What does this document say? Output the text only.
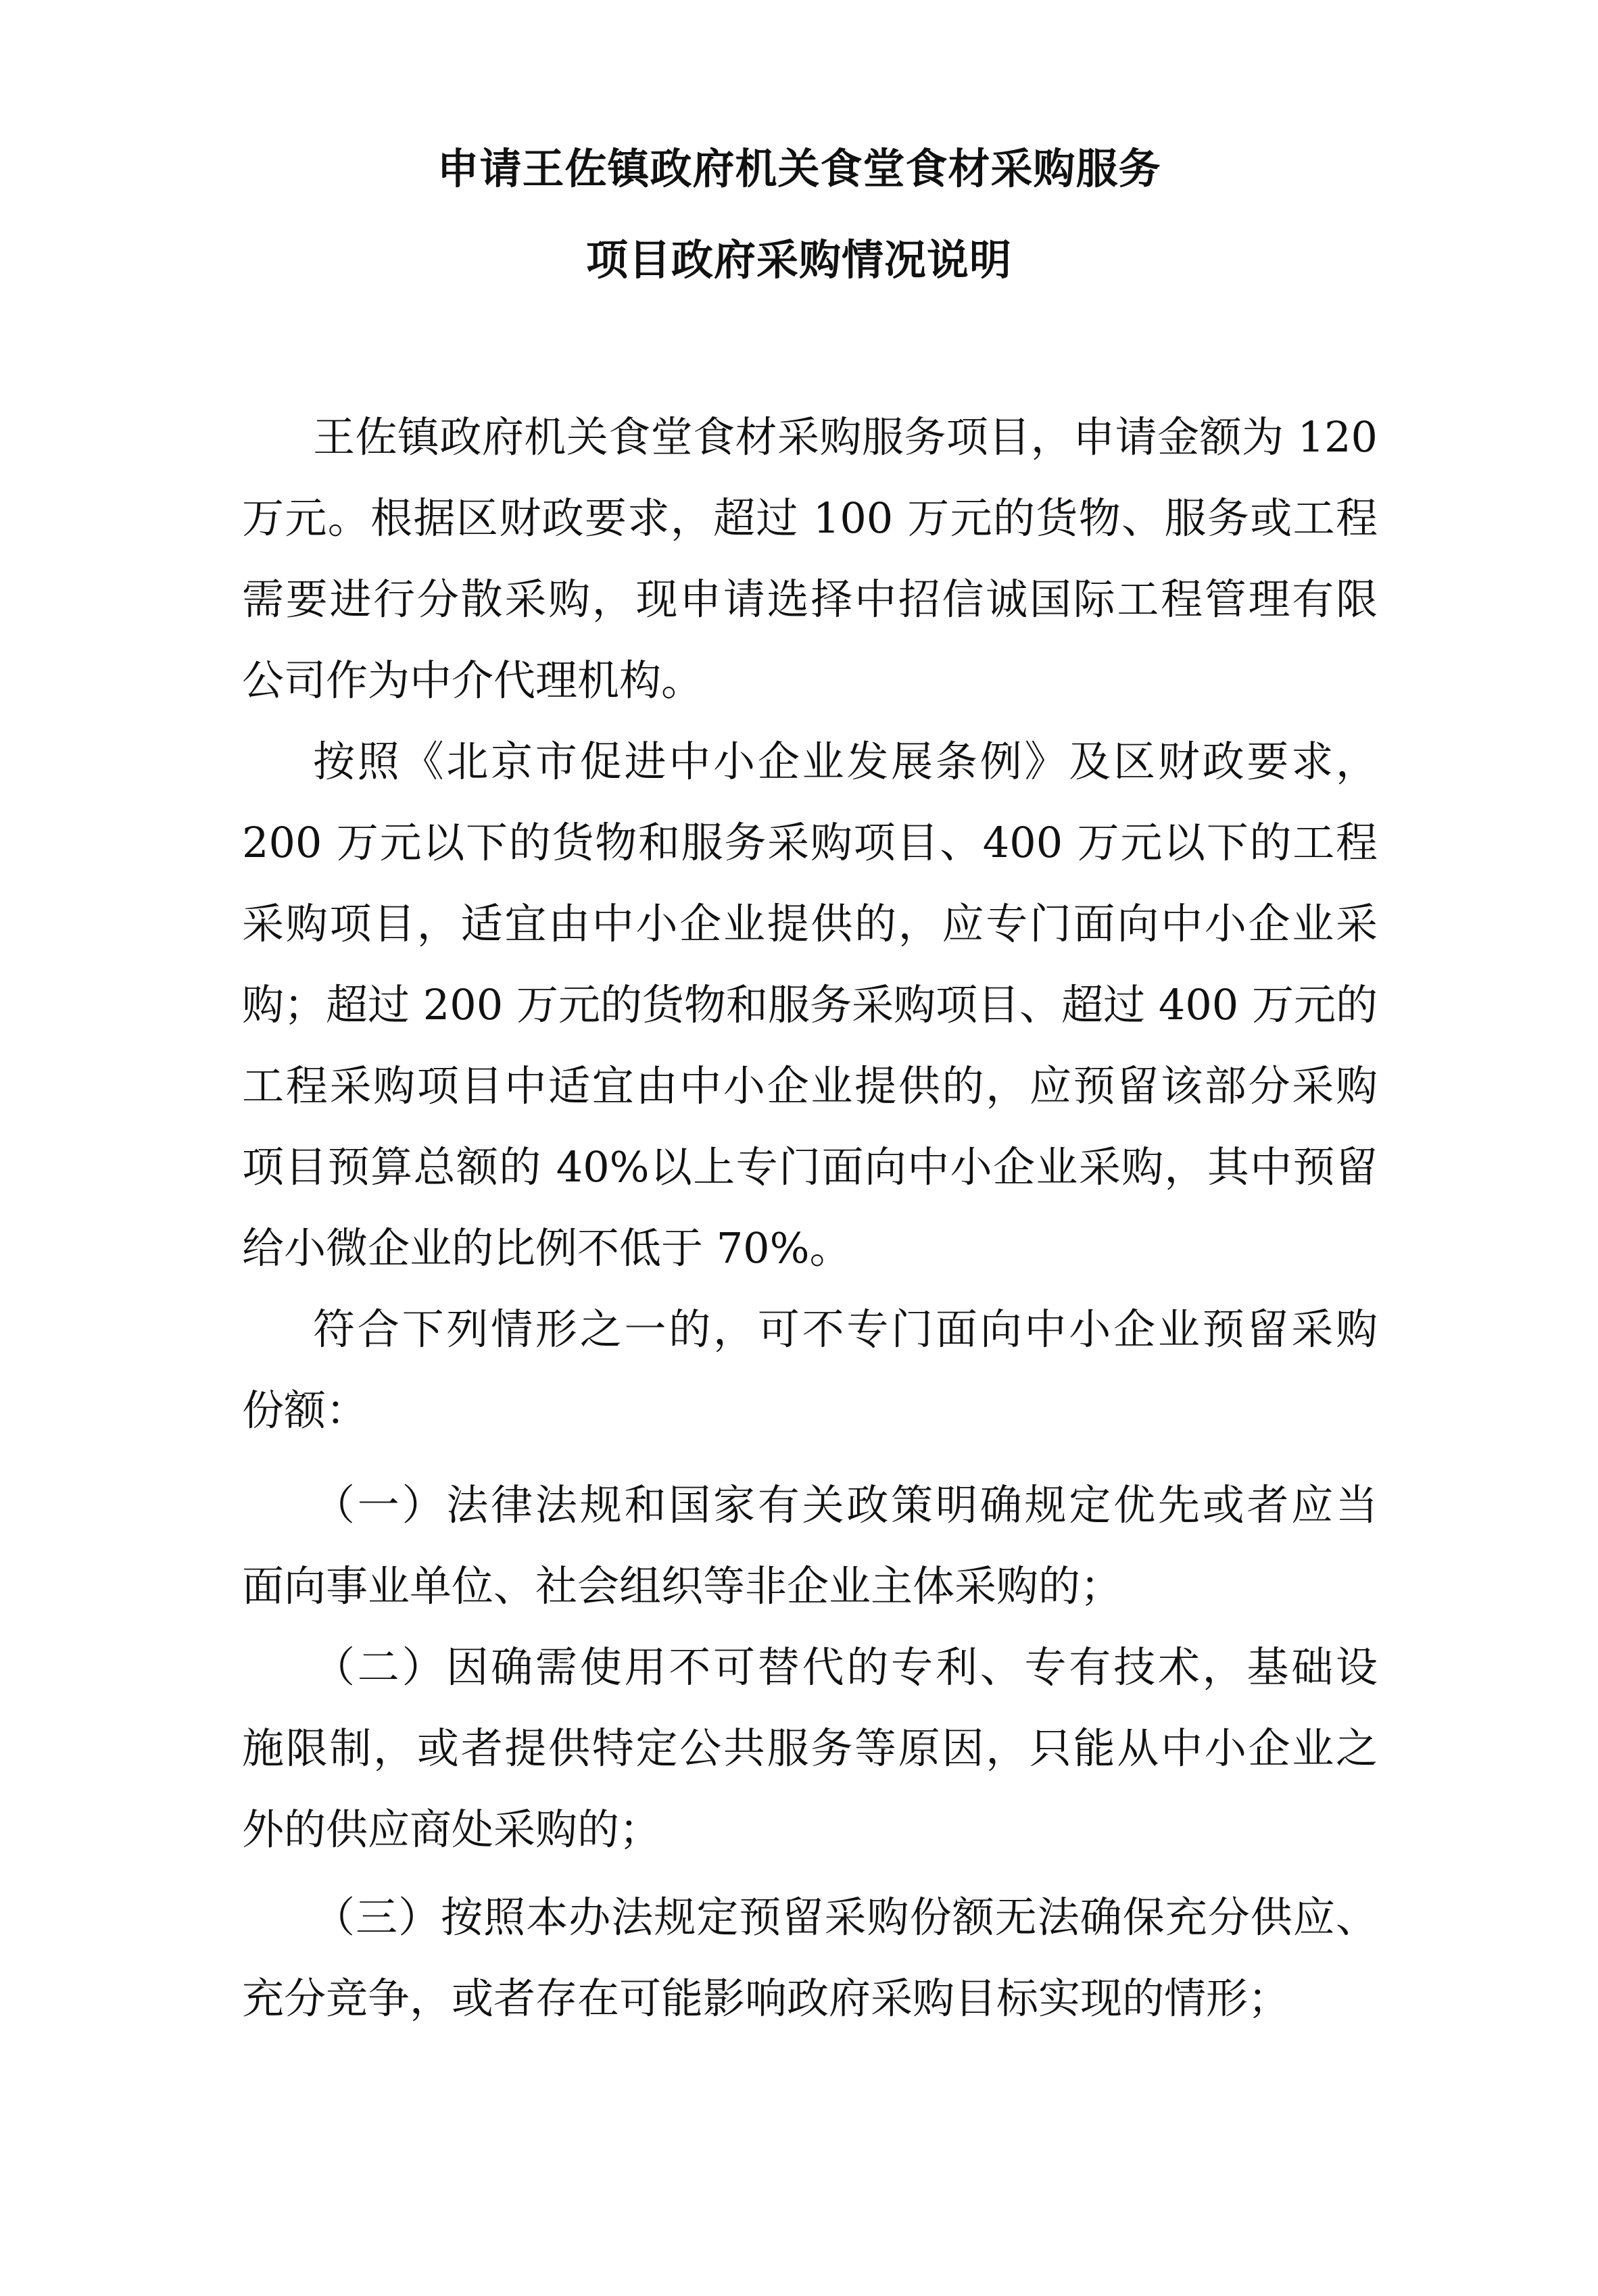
申请王佐镇政府机关食堂食材采购服务
项目政府采购情况说明
王佐镇政府机关食堂食材采购服务项目，申请金额为 120
万元。根据区财政要求，超过 100 万元的货物、服务或工程
需要进行分散采购，现申请选择中招信诚国际工程管理有限
公司作为中介代理机构。
按照《北京市促进中小企业发展条例》及区财政要求，
200 万元以下的货物和服务采购项目、400 万元以下的工程
采购项目，适宜由中小企业提供的，应专门面向中小企业采
购；超过 200 万元的货物和服务采购项目、超过 400 万元的
工程采购项目中适宜由中小企业提供的，应预留该部分采购
项目预算总额的 40%以上专门面向中小企业采购，其中预留
给小微企业的比例不低于 70%。
符合下列情形之一的，可不专门面向中小企业预留采购
份额：
（一）法律法规和国家有关政策明确规定优先或者应当
面向事业单位、社会组织等非企业主体采购的；
（二）因确需使用不可替代的专利、专有技术，基础设
施限制，或者提供特定公共服务等原因，只能从中小企业之
外的供应商处采购的；
（三）按照本办法规定预留采购份额无法确保充分供应、
充分竞争，或者存在可能影响政府采购目标实现的情形；
